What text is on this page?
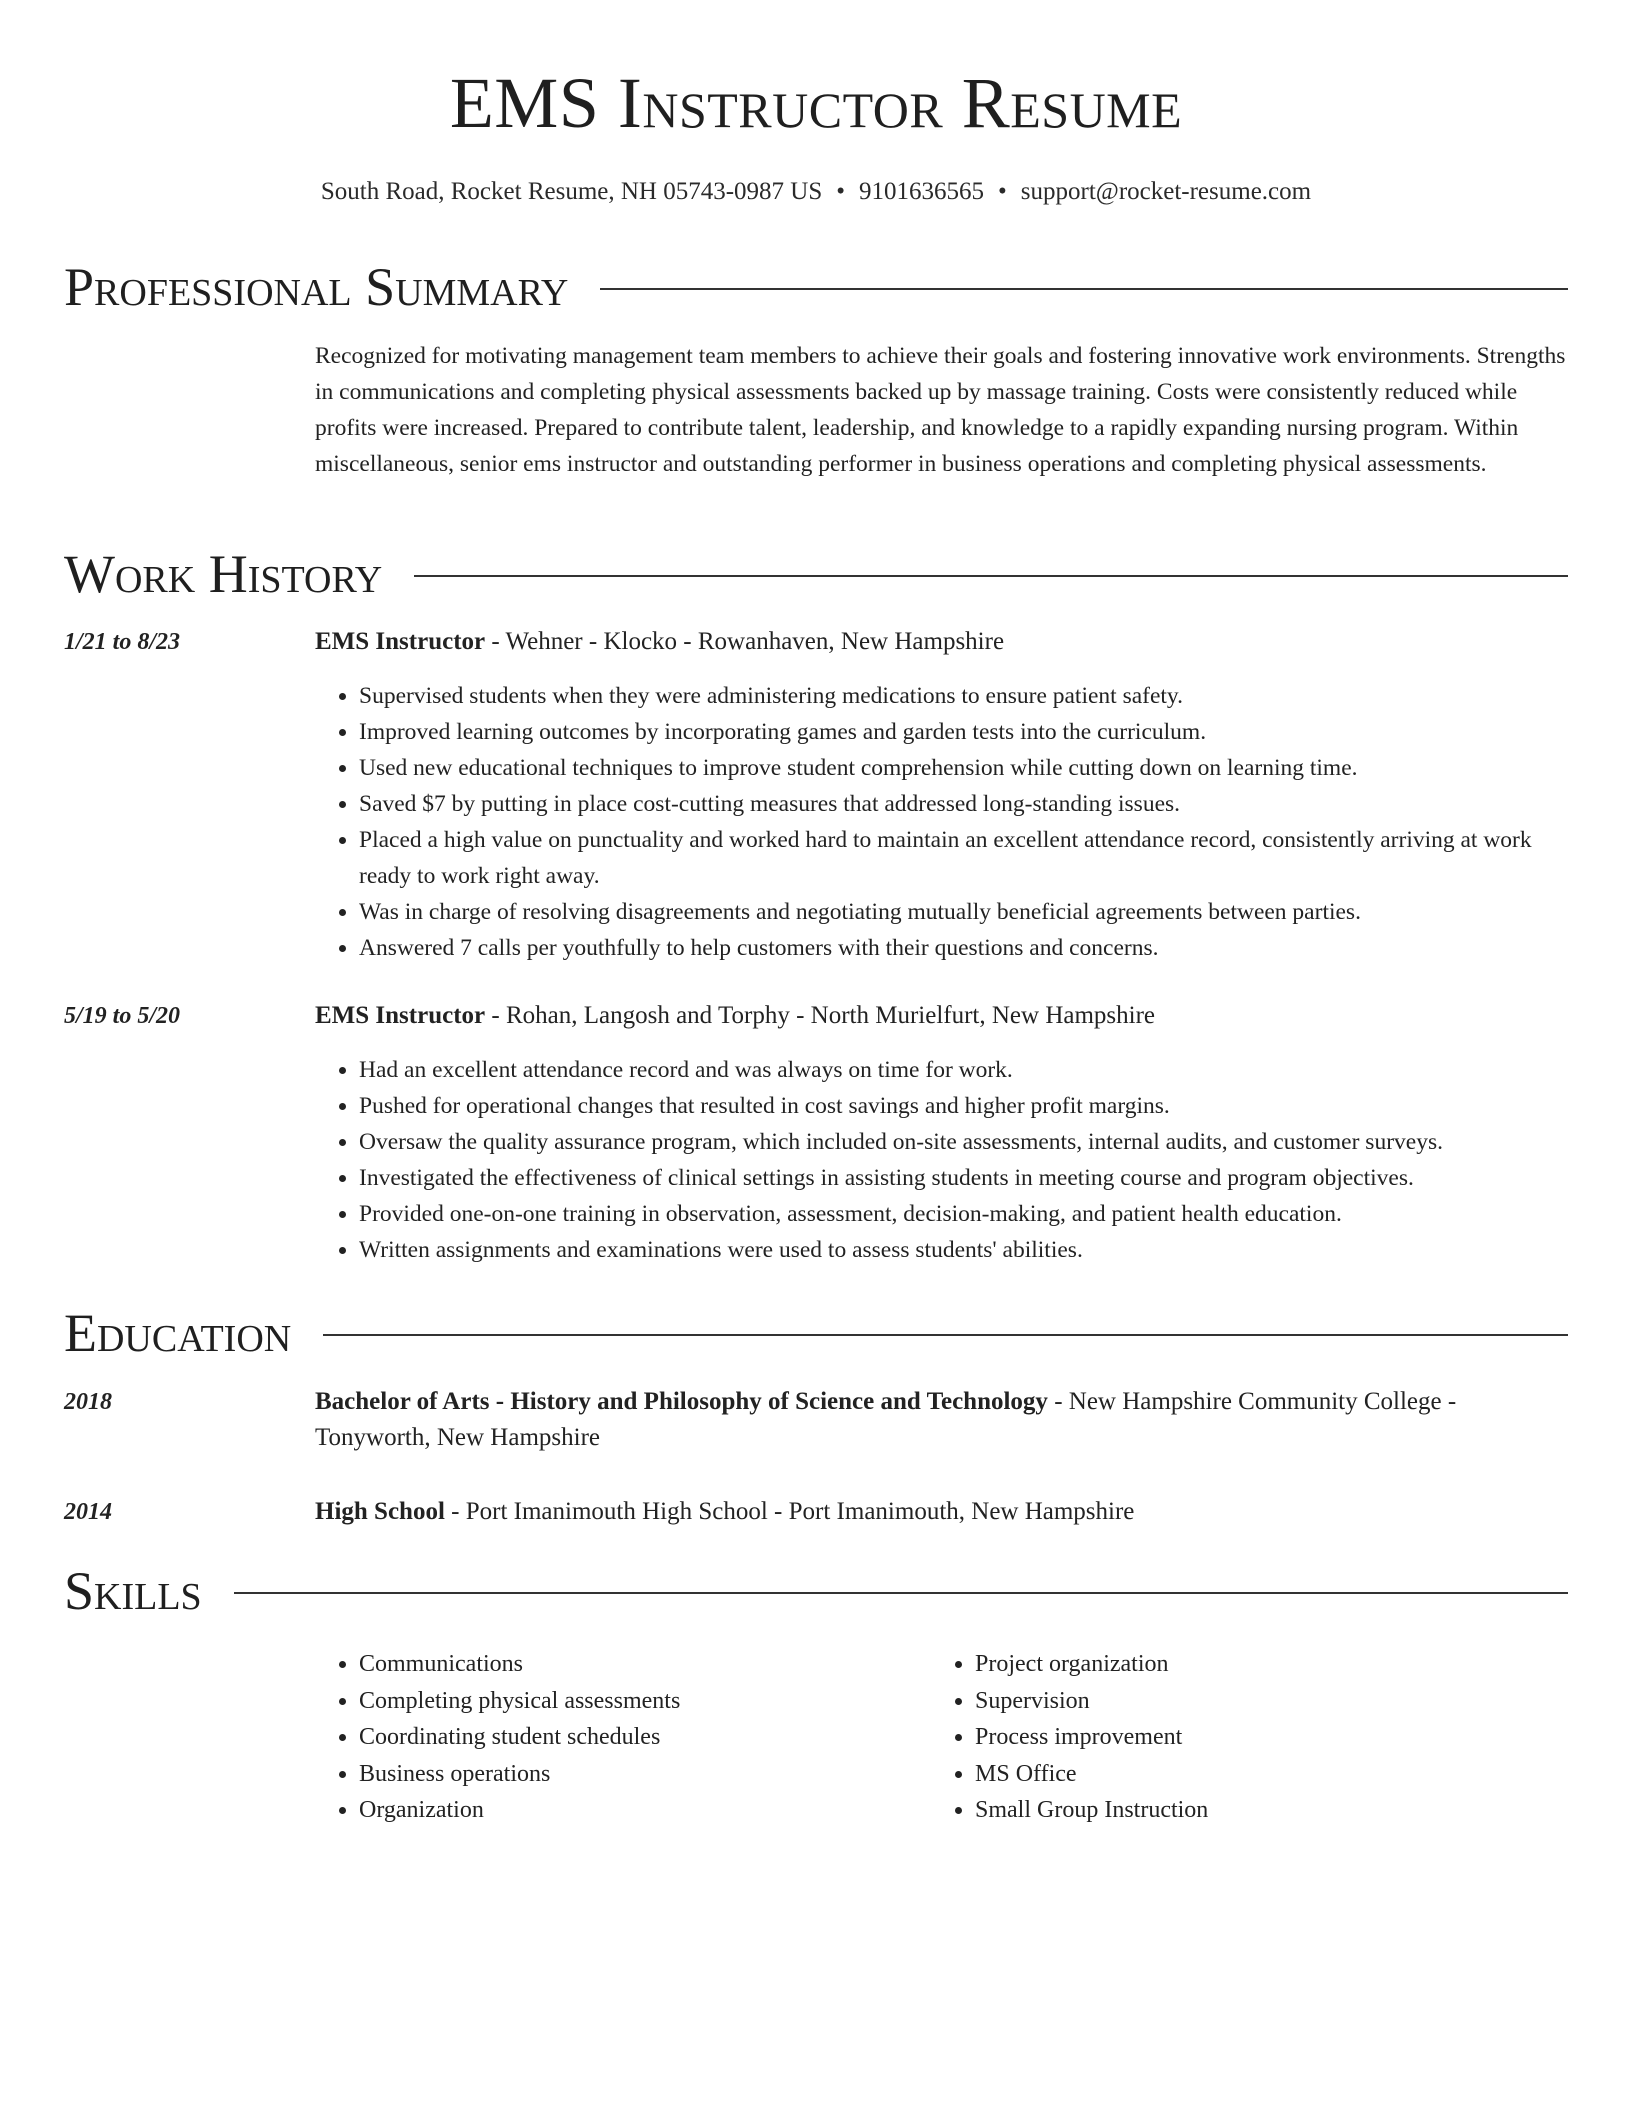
EMS Instructor Resume
South Road, Rocket Resume, NH 05743-0987 US • 9101636565 • support@rocket-resume.com
Professional Summary
Recognized for motivating management team members to achieve their goals and fostering innovative work environments. Strengths in communications and completing physical assessments backed up by massage training. Costs were consistently reduced while profits were increased. Prepared to contribute talent, leadership, and knowledge to a rapidly expanding nursing program. Within miscellaneous, senior ems instructor and outstanding performer in business operations and completing physical assessments.
Work History
1/21 to 8/23	EMS Instructor - Wehner - Klocko - Rowanhaven, New Hampshire
• Supervised students when they were administering medications to ensure patient safety.
• Improved learning outcomes by incorporating games and garden tests into the curriculum.
• Used new educational techniques to improve student comprehension while cutting down on learning time.
• Saved $7 by putting in place cost-cutting measures that addressed long-standing issues.
• Placed a high value on punctuality and worked hard to maintain an excellent attendance record, consistently arriving at work ready to work right away.
• Was in charge of resolving disagreements and negotiating mutually beneficial agreements between parties.
• Answered 7 calls per youthfully to help customers with their questions and concerns.
5/19 to 5/20	EMS Instructor - Rohan, Langosh and Torphy - North Murielfurt, New Hampshire
• Had an excellent attendance record and was always on time for work.
• Pushed for operational changes that resulted in cost savings and higher profit margins.
• Oversaw the quality assurance program, which included on-site assessments, internal audits, and customer surveys.
• Investigated the effectiveness of clinical settings in assisting students in meeting course and program objectives.
• Provided one-on-one training in observation, assessment, decision-making, and patient health education.
• Written assignments and examinations were used to assess students' abilities.
Education
2018	Bachelor of Arts - History and Philosophy of Science and Technology - New Hampshire Community College - Tonyworth, New Hampshire
2014	High School - Port Imanimouth High School - Port Imanimouth, New Hampshire
Skills
• Communications
• Completing physical assessments
• Coordinating student schedules
• Business operations
• Organization
• Project organization
• Supervision
• Process improvement
• MS Office
• Small Group Instruction
